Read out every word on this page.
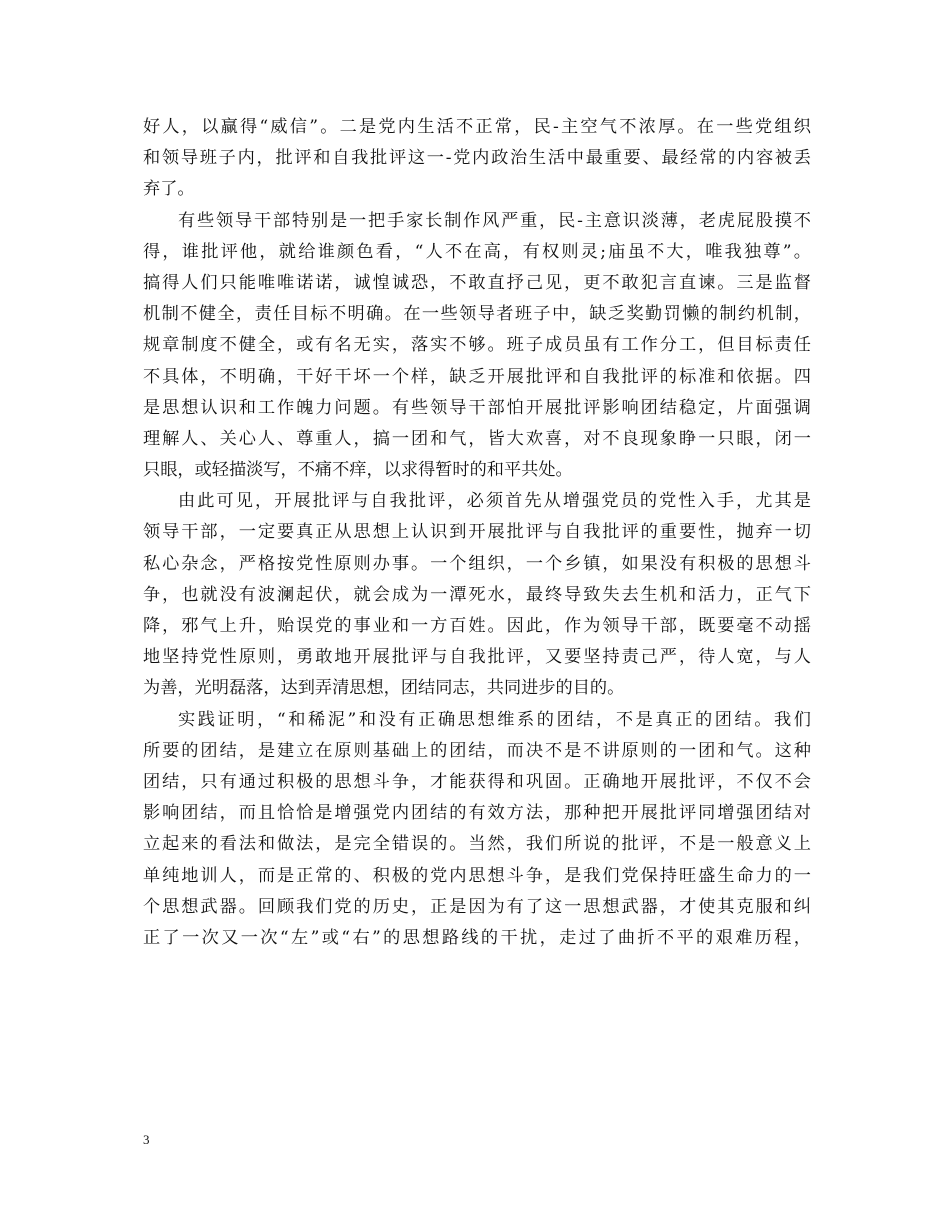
好人，以赢得“威信”。二是党内生活不正常，民-主空气不浓厚。在一些党组织
和领导班子内，批评和自我批评这一-党内政治生活中最重要、最经常的内容被丢
弃了。
有些领导干部特别是一把手家长制作风严重，民-主意识淡薄，老虎屁股摸不
得，谁批评他，就给谁颜色看，“人不在高，有权则灵;庙虽不大，唯我独尊”。
搞得人们只能唯唯诺诺，诚惶诚恐，不敢直抒己见，更不敢犯言直谏。三是监督
机制不健全，责任目标不明确。在一些领导者班子中，缺乏奖勤罚懒的制约机制，
规章制度不健全，或有名无实，落实不够。班子成员虽有工作分工，但目标责任
不具体，不明确，干好干坏一个样，缺乏开展批评和自我批评的标准和依据。四
是思想认识和工作魄力问题。有些领导干部怕开展批评影响团结稳定，片面强调
理解人、关心人、尊重人，搞一团和气，皆大欢喜，对不良现象睁一只眼，闭一
只眼，或轻描淡写，不痛不痒，以求得暂时的和平共处。
由此可见，开展批评与自我批评，必须首先从增强党员的党性入手，尤其是
领导干部，一定要真正从思想上认识到开展批评与自我批评的重要性，抛弃一切
私心杂念，严格按党性原则办事。一个组织，一个乡镇，如果没有积极的思想斗
争，也就没有波澜起伏，就会成为一潭死水，最终导致失去生机和活力，正气下
降，邪气上升，贻误党的事业和一方百姓。因此，作为领导干部，既要毫不动摇
地坚持党性原则，勇敢地开展批评与自我批评，又要坚持责己严，待人宽，与人
为善，光明磊落，达到弄清思想，团结同志，共同进步的目的。
实践证明，“和稀泥”和没有正确思想维系的团结，不是真正的团结。我们
所要的团结，是建立在原则基础上的团结，而决不是不讲原则的一团和气。这种
团结，只有通过积极的思想斗争，才能获得和巩固。正确地开展批评，不仅不会
影响团结，而且恰恰是增强党内团结的有效方法，那种把开展批评同增强团结对
立起来的看法和做法，是完全错误的。当然，我们所说的批评，不是一般意义上
单纯地训人，而是正常的、积极的党内思想斗争，是我们党保持旺盛生命力的一
个思想武器。回顾我们党的历史，正是因为有了这一思想武器，才使其克服和纠
正了一次又一次“左”或“右”的思想路线的干扰，走过了曲折不平的艰难历程，
3
